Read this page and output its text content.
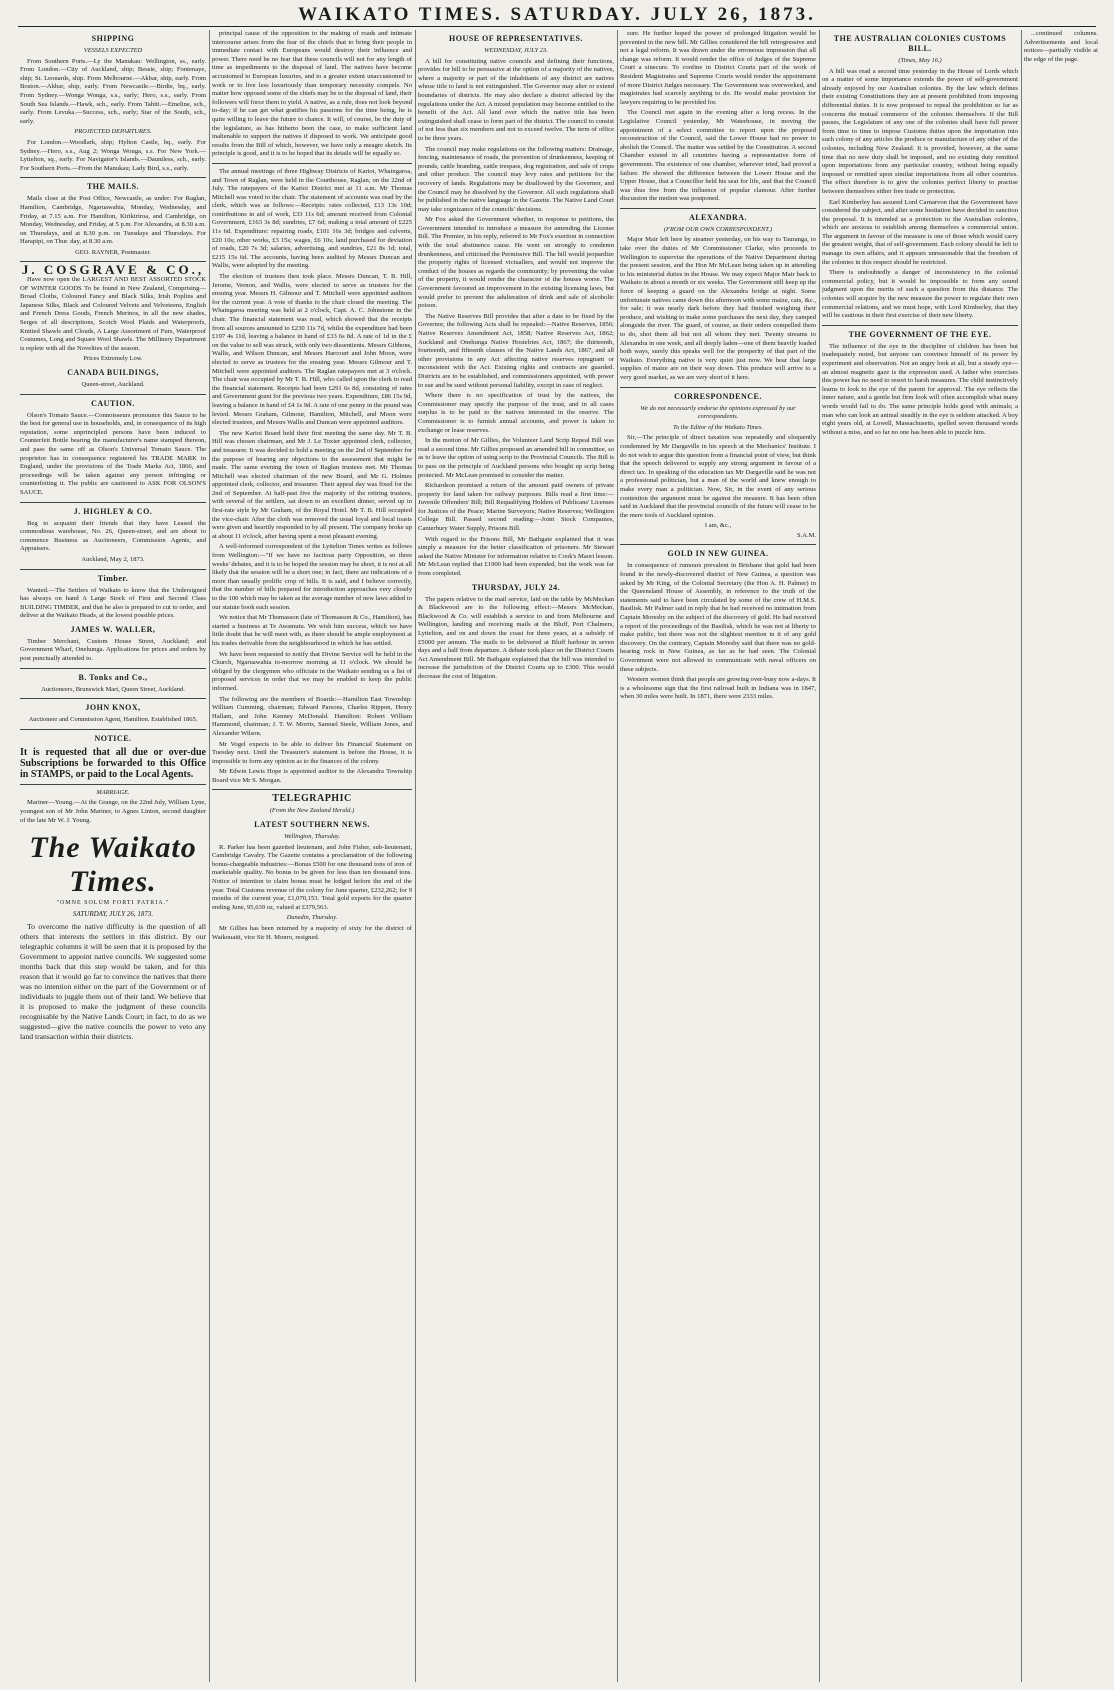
WAIKATO TIMES. SATURDAY. JULY 26, 1873.
SHIPPING
VESSELS EXPECTED

From Southern Ports.—Ly the Manukau: Wellington, ss., early. From London.—City of Auckland, ship; Bessie, ship; Fontenaye, ship; St. Leonards, ship. From Melbourne.—Akbar, ship, early. From Boston.—Akbar, ship, early. From Newcastle.—Birdie, bq., early. From Sydney.—Wonga Wonga, s.s., early; Hero, s.s., early. From South Sea Islands.—Hawk, sch., early. From Tahiti.—Emeline, sch., early. From Levuka.—Success, sch., early; Star of the South, sch., early.

PROJECTED DEPARTURES.

For London.—Woodlark, ship; Hylton Castle, bq., early. For Sydney.—Hero, s.s., Aug 2; Wonga Wonga, s.s. For New York.—Lyttelton, sq., early. For Navigator's Islands.—Dauntless, sch., early. For Southern Ports.—From the Manukau; Lady Bird, s.s., early.

THE MAILS.

Mails close at the Post Office, Newcastle, as under: For Raglan, Hamilton, Cambridge, Ngaruawahia, Monday, Wednesday, and Friday, at 7.15 a.m. For Hamilton, Kirikiriroa, and Cambridge, on Monday, Wednesday, and Friday, at 5 p.m. For Alexandra, at 8.30 a.m. on Thursdays, and at 8.30 p.m. on Tuesdays and Thursdays. For Harapipi, on Thur. day, at 8.30 a.m.

GEO. RAYNER, Postmaster.
J. COSGRAVE & CO.,

Have now open the LARGEST AND BEST ASSORTED STOCK OF WINTER GOODS To be found in New Zealand, Comprising— Broad Cloths, Coloured Fancy and Black Silks, Irish Poplins and Japanese Silks, Black and Coloured Velvets and Velveteens, English and French Dress Goods, French Merinos, in all the new shades, Serges of all descriptions, Scotch Wool Plaids and Waterproofs, Knitted Shawls and Clouds, A Large Assortment of Furs, Waterproof Costumes, Long and Square Wool Shawls. The Millinery Department is replete with all the Novelties of the season.

Prices Extremely Low.
CANADA BUILDINGS,
Queen-street, Auckland.
CAUTION.

Olson's Tomato Sauce.—Connoisseurs pronounce this Sauce to be the best for general use in households, and, in consequence of its high reputation, some unprincipled persons have been induced to Counterfeit Bottle bearing the manufacturer's name stamped thereon, and pass the same off as Olson's Universal Tomato Sauce. The proprietor has in consequence registered his TRADE MARK in England, under the provisions of the Trade Marks Act, 1866, and proceedings will be taken against any person infringing or counterfeiting it. The public are cautioned to ASK FOR OLSON'S SAUCE.

J. HIGHLEY & CO.

Beg to acquaint their friends that they have Leased the commodious warehouse, No. 26, Queen-street, and are about to commence Business as Auctioneers, Commission Agents, and Appraisers.

Auckland, May 2, 1873.
Timber.

Wanted.—The Settlers of Waikato to know that the Undersigned has always on hand A Large Stock of First and Second Class BUILDING TIMBER, and that he also is prepared to cut to order, and deliver at the Waikato Heads, at the lowest possible prices.

JAMES W. WALLER,

Timber Merchant, Custom House Street, Auckland; and Government Wharf, Onehunga. Applications for prices and orders by post punctually attended to.

B. Tonks and Co.,
Auctioneers, Brunswick Mart, Queen Street, Auckland.
JOHN KNOX,
Auctioneer and Commission Agent, Hamilton. Established 1865.
NOTICE.
It is requested that all due or over-due Subscriptions be forwarded to this Office in STAMPS, or paid to the Local Agents.
MARRIAGE.

Mariner—Young.—At the Grange, on the 22nd July, William Lyne, youngest son of Mr John Mariner, to Agnes Linton, second daughter of the late Mr W. J. Young.

The Waikato Times.
"OMNE SOLUM FORTI PATRIA."
SATURDAY, JULY 26, 1873.

To overcome the native difficulty is the question of all others that interests the settlers in this district. By our telegraphic columns it will be seen that it is proposed by the Government to appoint native councils. We suggested some months back that this step would be taken, and for this reason that it would go far to convince the natives that there was no intention either on the part of the Government or of individuals to juggle them out of their land. We believe that it is proposed to make the judgment of these councils recognisable by the Native Lands Court; in fact, to do as we suggested—give the native councils the power to veto any land transaction within their districts.

principal cause of the opposition to the making of roads and intimate intercourse arises from the fear of the chiefs that to bring their people in immediate contact with Europeans would destroy their influence and power. There need be no fear that these councils will not for any length of time as impediments to the disposal of land. The natives have become accustomed to European luxuries, and to a greater extent unaccustomed to work or to live less luxuriously than temporary necessity compels. No matter how opposed some of the chiefs may be to the disposal of land, their followers will force them to yield. A native, as a rule, does not look beyond to-day; if he can get what gratifies his passions for the time being, he is quite willing to leave the future to chance. It will, of course, be the duty of the legislature, as has hitherto been the case, to make sufficient land inalienable to support the natives if disposed to work. We anticipate good results from the Bill of which, however, we have only a meagre sketch. Its principle is good, and it is to be hoped that its details will be equally so.

The annual meetings of three Highway Districts of Karioi, Whaingaroa, and Town of Raglan, were held in the Courthouse, Raglan, on the 22nd of July. The ratepayers of the Karioi District met at 11 a.m. Mr Thomas Mitchell was voted to the chair. The statement of accounts was read by the clerk, which was as follows:—Receipts: rates collected, £13 13s 10d; contributions in aid of work, £33 11s 6d; amount received from Colonial Government, £163 3s 8d; sundries, £7 6d; making a total amount of £225 11s 6d. Expenditure: repairing roads, £101 16s 3d; bridges and culverts, £20 10s; other works, £3 15s; wages, £6 10s; land purchased for deviation of roads, £20 7s 3d; salaries, advertising, and sundries, £21 8s 1d; total, £215 15s 6d. The accounts, having been audited by Messrs Duncan and Wallis, were adopted by the meeting.

The election of trustees then took place. Messrs Duncan, T. B. Hill, Jerome, Vernon, and Wallis, were elected to serve as trustees for the ensuing year. Messrs H. Gilmour and T. Mitchell were appointed auditors for the current year. A vote of thanks to the chair closed the meeting. The Whaingaroa meeting was held at 2 o'clock, Capt. A. C. Johnstone in the chair. The financial statement was read, which showed that the receipts from all sources amounted to £230 11s 7d, whilst the expenditure had been £197 4s 11d, leaving a balance in hand of £33 6s 8d. A rate of 1d in the £ on the value to sell was struck, with only two dissentients. Messrs Gibbons, Wallis, and Wilson Duncan, and Messrs Harcourt and John Moon, were elected to serve as trustees for the ensuing year. Messrs Gilmour and T. Mitchell were appointed auditors. The Raglan ratepayers met at 3 o'clock. The chair was occupied by Mr T. B. Hill, who called upon the clerk to read the financial statement. Receipts had been £291 6s 8d, consisting of rates and Government grant for the previous two years. Expenditure, £86 15s 9d, leaving a balance in hand of £4 1s 9d. A rate of one penny in the pound was levied. Messrs Graham, Gilmour, Hamilton, Mitchell, and Moon were elected trustees, and Messrs Wallis and Duncan were appointed auditors.

The new Karioi Board held their first meeting the same day. Mr T. B. Hill was chosen chairman, and Mr J. Le Toxier appointed clerk, collector, and treasurer. It was decided to hold a meeting on the 2nd of September for the purpose of hearing any objections to the assessment that might be made. The same evening the town of Raglan trustees met. Mr Thomas Mitchell was elected chairman of the new Board, and Mr G. Holmes appointed clerk, collector, and treasurer. Their appeal day was fixed for the 2nd of September. At half-past five the majority of the retiring trustees, with several of the settlers, sat down to an excellent dinner, served up in first-rate style by Mr Graham, of the Royal Hotel. Mr T. B. Hill occupied the vice-chair. After the cloth was removed the usual loyal and local toasts were given and heartily responded to by all present. The company broke up at about 11 o'clock, after having spent a most pleasant evening.

A well-informed correspondent of the Lyttelton Times writes as follows from Wellington:—"If we have no factious party Opposition, so three weeks' debates, and it is to be hoped the session may be short, it is not at all likely that the session will be a short one; in fact, there are indications of a more than usually prolific crop of bills. It is said, and I believe correctly, that the number of bills prepared for introduction approaches very closely to the 100 which may be taken as the average number of new laws added to our statute book each session.

We notice that Mr Thomasson (late of Thomasson & Co., Hamilton), has started a business at Te Awamutu. We wish him success, which we have little doubt that he will meet with, as there should be ample employment at his trades derivable from the neighbourhood in which he has settled.

We have been requested to notify that Divine Service will be held in the Church, Ngaruawahia to-morrow morning at 11 o'clock. We should be obliged by the clergymen who officiate in the Waikato sending us a list of proposed services in order that we may be enabled to keep the public informed.

The following are the members of Boards:—Hamilton East Township: William Cumming, chairman; Edward Parsons, Charles Rippon, Henry Hallam, and John Kenney McDonald. Hamilton: Robert William Hammond, chairman; J. T. W. Morris, Samuel Steele, William Jones, and Alexander Wilson.

Mr Vogel expects to be able to deliver his Financial Statement on Tuesday next. Until the Treasurer's statement is before the House, it is impossible to form any opinion as to the finances of the colony.

Mr Edwin Lewis Hope is appointed auditor to the Alexandra Township Board vice Mr S. Morgan.

TELEGRAPHIC
(From the New Zealand Herald.)
LATEST SOUTHERN NEWS.
Wellington, Thursday.

R. Parker has been gazetted lieutenant, and John Fisher, sub-lieutenant, Cambridge Cavalry. The Gazette contains a proclamation of the following bonus-chargeable industries:—Bonus £500 for one thousand tons of iron of marketable quality. No bonus to be given for less than ten thousand tons. Notice of intention to claim bonus must be lodged before the end of the year. Total Customs revenue of the colony for June quarter, £232,262; for 9 months of the current year, £1,070,153. Total gold exports for the quarter ending June, 95,639 oz, valued at £379,563.

Dunedin, Thursday.

Mr Gillies has been returned by a majority of sixty for the district of Waikouaiti, vice Sir H. Monro, resigned.

HOUSE OF REPRESENTATIVES.
WEDNESDAY, JULY 23.

A bill for constituting native councils and defining their functions, provides for bill to be persuasive at the option of a majority of the natives, where a majority or part of the inhabitants of any district are natives whose title to land is not extinguished. The Governor may alter or extend boundaries of districts. He may also declare a district affected by the regulations under the Act. A mixed population may become entitled to the benefit of the Act. All land over which the native title has been extinguished shall cease to form part of the district. The council to consist of not less than six members and not to exceed twelve. The term of office to be three years.

The council may make regulations on the following matters: Drainage, fencing, maintenance of roads, the prevention of drunkenness, keeping of pounds, cattle branding, cattle trespass, dog registration, and sale of crops and other produce. The council may levy rates and petitions for the recovery of lands. Regulations may be disallowed by the Governor, and the Council may be dissolved by the Governor. All such regulations shall be published in the native language in the Gazette. The Native Land Court may take cognizance of the councils' decisions.

Mr Fox asked the Government whether, in response to petitions, the Government intended to introduce a measure for amending the License Bill. The Premier, in his reply, referred to Mr Fox's exertion in connection with the total abstinence cause. He went on strongly to condemn drunkenness, and criticised the Permissive Bill. The bill would jeopardize the property rights of licensed victuallers, and would not improve the conduct of the houses as regards the community; by preventing the value of the property, it would render the character of the houses worse. The Government favoured an improvement in the existing licensing laws, but would prefer to prevent the adulteration of drink and sale of alcoholic poison.

The Native Reserves Bill provides that after a date to be fixed by the Governor, the following Acts shall be repealed:—Native Reserves, 1856; Native Reserves Amendment Act, 1858; Native Reserves Act, 1862; Auckland and Onehunga Native Hostelries Act, 1867; the thirteenth, fourteenth, and fifteenth clauses of the Native Lands Act, 1867, and all other provisions in any Act affecting native reserves repugnant or inconsistent with the Act. Existing rights and contracts are guarded. Districts are to be established, and commissioners appointed, with power to sue and be sued without personal liability, except in case of neglect.

Where there is no specification of trust by the natives, the Commissioner may specify the purpose of the trust, and in all cases surplus is to be paid to the natives interested in the reserve. The Commissioner is to furnish annual accounts, and power is taken to exchange or lease reserves.

In the motion of Mr Gillies, the Volunteer Land Scrip Repeal Bill was read a second time. Mr Gillies proposed an amended bill in committee, so as to leave the option of using scrip to the Provincial Councils. The Bill is to pass on the principle of Auckland persons who bought up scrip being protected. Mr McLean promised to consider the matter.

Richardson promised a return of the amount paid owners of private property for land taken for railway purposes. Bills read a first time:—Juvenile Offenders' Bill; Bill Requalifying Holders of Publicans' Licenses for Justices of the Peace; Marine Surveyors; Native Reserves; Wellington College Bill. Passed second reading:—Joint Stock Companies, Canterbury Water Supply, Prisons Bill.

With regard to the Frisons Bill, Mr Bathgate explained that it was simply a measure for the better classification of prisoners. Mr Stewart asked the Native Minister for information relative to Cook's Maori lesson. Mr McLean replied that £1900 had been expended, but the work was far from completed.

THURSDAY, JULY 24.

The papers relative to the mail service, laid on the table by McMeckan & Blackwood are to the following effect:—Messrs McMeckan, Blackwood & Co. will establish a service to and from Melbourne and Wellington, landing and receiving mails at the Bluff, Port Chalmers, Lyttelton, and on and down the coast for three years, at a subsidy of £5000 per annum. The mails to be delivered at Bluff harbour in seven days and a half from departure. A debate took place on the District Courts Act Amendment Bill. Mr Bathgate explained that the bill was intended to increase the jurisdiction of the District Courts up to £300. This would decrease the cost of litigation.

sure. He further hoped the power of prolonged litigation would be prevented in the new bill. Mr Gillies considered the bill retrogressive and not a legal reform. It was drawn under the erroneous impression that all change was reform. It would render the office of Judges of the Supreme Court a sinecure. To confine in District Courts part of the work of Resident Magistrates and Supreme Courts would render the appointment of more District Judges necessary. The Government was overworked, and magistrates had scarcely anything to do. He would make provision for lawyers requiring to be provided for.

The Council met again in the evening after a long recess. In the Legislative Council yesterday, Mr Waterhouse, in moving the appointment of a select committee to report upon the proposed reconstruction of the Council, said the Lower House had no power to abolish the Council. The matter was settled by the Constitution. A second Chamber existed in all countries having a representative form of government. The existence of one chamber, wherever tried, had proved a failure. He showed the difference between the Lower House and the Upper House, that a Councillor held his seat for life, and that the Council was thus free from the influence of popular clamour. After further discussion the motion was postponed.

ALEXANDRA.
(FROM OUR OWN CORRESPONDENT.)

Major Mair left here by steamer yesterday, on his way to Tauranga, to take over the duties of Mr Commissioner Clarke, who proceeds to Wellington to supervise the operations of the Native Department during the present session, and the Hon Mr McLean being taken up in attending to his ministerial duties in the House. We may expect Major Mair back to Waikato in about a month or six weeks. The Government still keep up the force of keeping a guard on the Alexandra bridge at night. Some unfortunate natives came down this afternoon with some maize, cats, &c., for sale; it was nearly dark before they had finished weighing their produce, and wishing to make some purchases the next day, they camped alongside the river. The guard, of course, as their orders compelled them to do, shot them all but not all whom they met. Twenty streams to Alexandra in one week, and all deeply laden—one of them heavily loaded both ways, surely this speaks well for the prosperity of that part of the Waikato. Everything native is very quiet just now. We hear that large supplies of maize are on their way down. This produce will arrive to a very good market, as we are very short of it here.

CORRESPONDENCE.
We do not necessarily endorse the opinions expressed by our correspondents.
To the Editor of the Waikato Times.

Sir,—The principle of direct taxation was repeatedly and eloquently condemned by Mr Dargaville in his speech at the Mechanics' Institute. I do not wish to argue this question from a financial point of view, but think that the speech delivered to supply any strong argument in favour of a direct tax. In speaking of the education tax Mr Dargaville said he was not a professional politician, but a man of the world and knew enough to make every man a politician. Now, Sir, in the event of any serious contention the argument must be against the measure. It has been often said in Auckland that the provincial councils of the future will cease to be the mere tools of Auckland opinion.

I am, &c.,
S.A.M.
GOLD IN NEW GUINEA.

In consequence of rumours prevalent in Brisbane that gold had been found in the newly-discovered district of New Guinea, a question was asked by Mr King, of the Colonial Secretary (the Hon A. H. Palmer) in the Queensland House of Assembly, in reference to the truth of the statements said to have been circulated by some of the crew of H.M.S. Basilisk. Mr Palmer said in reply that he had received no intimation from Captain Moresby on the subject of the discovery of gold. He had received a report of the proceedings of the Basilisk, which he was not at liberty to make public, but there was not the slightest mention in it of any gold discovery. On the contrary, Captain Moresby said that there was no gold-bearing rock in New Guinea, as far as he had seen. The Colonial Government were not allowed to communicate with naval officers on these subjects.

Western women think that people are growing over-busy now a-days. It is a wholesome sign that the first railroad built in Indiana was in 1847, when 30 miles were built. In 1871, there were 2333 miles.

THE AUSTRALIAN COLONIES CUSTOMS BILL.
(Times, May 16.)

A bill was read a second time yesterday in the House of Lords which on a matter of some importance extends the power of self-government already enjoyed by our Australian colonies. By the law which defines their existing Constitutions they are at present prohibited from imposing differential duties. It is now proposed to repeal the prohibition so far as concerns the mutual commerce of the colonies themselves. If the Bill passes, the Legislature of any one of the colonies shall have full power from time to time to impose Customs duties upon the importation into such colony of any articles the produce or manufacture of any other of the colonies, including New Zealand. It is provided, however, at the same time that no new duty shall be imposed, and no existing duty remitted upon importations from any particular country, without being equally imposed or remitted upon similar importations from all other countries. The effect therefore is to give the colonies perfect liberty to practise between themselves either free trade or protection.

Earl Kimberley has assured Lord Carnarvon that the Government have considered the subject, and after some hesitation have decided to sanction the proposal. It is intended as a protection to the Australian colonies, which are anxious to establish among themselves a commercial union. The argument in favour of the measure is one of those which would carry the greatest weight, that of self-government. Each colony should be left to manage its own affairs, and it appears unreasonable that the freedom of the colonies in this respect should be restricted.

There is undoubtedly a danger of inconsistency in the colonial commercial policy, but it would be impossible to form any sound judgment upon the merits of such a question from this distance. The colonies will acquire by the new measure the power to regulate their own commercial relations, and we must hope, with Lord Kimberley, that they will be cautious in their first exercise of their new liberty.

THE GOVERNMENT OF THE EYE.

The influence of the eye in the discipline of children has been but inadequately noted, but anyone can convince himself of its power by experiment and observation. Not an angry look at all, but a steady eye—an almost magnetic gaze is the expression used. A father who exercises this power has no need to resort to harsh measures. The child instinctively learns to look to the eye of the parent for approval. The eye reflects the inner nature, and a gentle but firm look will often accomplish what many words would fail to do. The same principle holds good with animals; a man who can look an animal steadily in the eye is seldom attacked. A boy eight years old, at Lowell, Massachusetts, spelled seven thousand words without a miss, and so far no one has been able to puzzle him.

...continued columns. Advertisements and local notices—partially visible at the edge of the page.
